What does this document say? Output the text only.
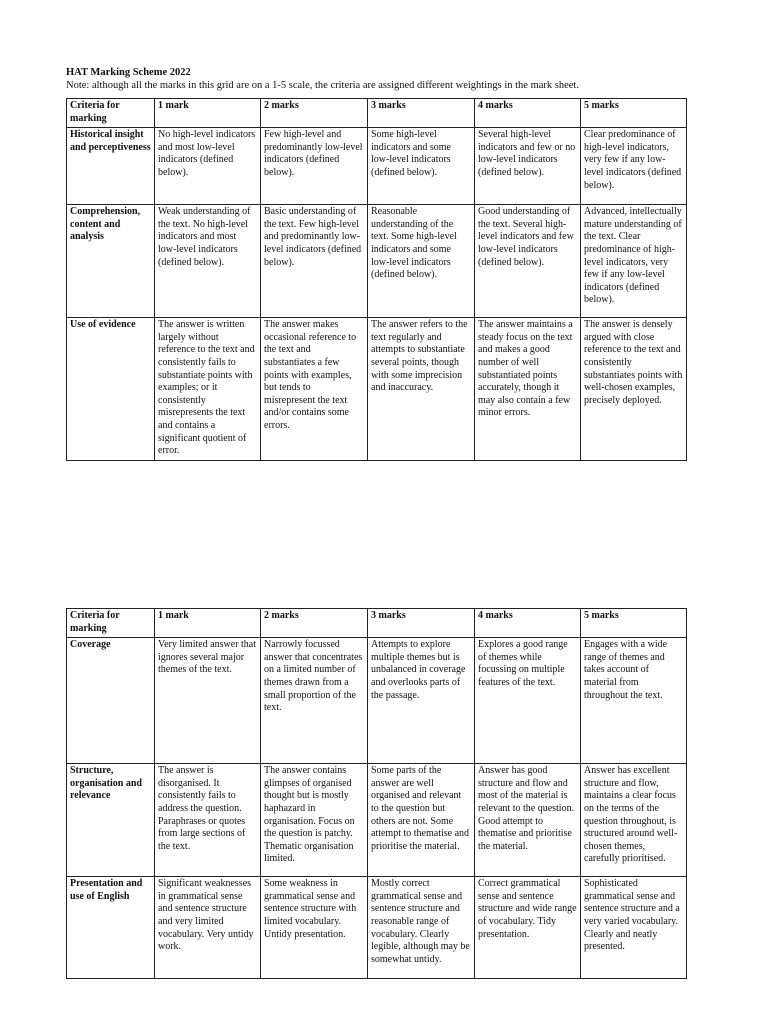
HAT Marking Scheme 2022
Note: although all the marks in this grid are on a 1-5 scale, the criteria are assigned different weightings in the mark sheet.
Criteria for marking	1 mark	2 marks	3 marks	4 marks	5 marks
Historical insight and perceptiveness	No high-level indicators and most low-level indicators (defined below).	Few high-level and predominantly low-level indicators (defined below).	Some high-level indicators and some low-level indicators (defined below).	Several high-level indicators and few or no low-level indicators (defined below).	Clear predominance of high-level indicators, very few if any low-level indicators (defined below).
Comprehension, content and analysis	Weak understanding of the text. No high-level indicators and most low-level indicators (defined below).	Basic understanding of the text. Few high-level and predominantly low-level indicators (defined below).	Reasonable understanding of the text. Some high-level indicators and some low-level indicators (defined below).	Good understanding of the text. Several high-level indicators and few low-level indicators (defined below).	Advanced, intellectually mature understanding of the text. Clear predominance of high-level indicators, very few if any low-level indicators (defined below).
Use of evidence	The answer is written largely without reference to the text and consistently fails to substantiate points with examples; or it consistently misrepresents the text and contains a significant quotient of error.	The answer makes occasional reference to the text and substantiates a few points with examples, but tends to misrepresent the text and/or contains some errors.	The answer refers to the text regularly and attempts to substantiate several points, though with some imprecision and inaccuracy.	The answer maintains a steady focus on the text and makes a good number of well substantiated points accurately, though it may also contain a few minor errors.	The answer is densely argued with close reference to the text and consistently substantiates points with well-chosen examples, precisely deployed.
Criteria for marking	1 mark	2 marks	3 marks	4 marks	5 marks
Coverage	Very limited answer that ignores several major themes of the text.	Narrowly focussed answer that concentrates on a limited number of themes drawn from a small proportion of the text.	Attempts to explore multiple themes but is unbalanced in coverage and overlooks parts of the passage.	Explores a good range of themes while focussing on multiple features of the text.	Engages with a wide range of themes and takes account of material from throughout the text.
Structure, organisation and relevance	The answer is disorganised. It consistently fails to address the question. Paraphrases or quotes from large sections of the text.	The answer contains glimpses of organised thought but is mostly haphazard in organisation. Focus on the question is patchy. Thematic organisation limited.	Some parts of the answer are well organised and relevant to the question but others are not. Some attempt to thematise and prioritise the material.	Answer has good structure and flow and most of the material is relevant to the question. Good attempt to thematise and prioritise the material.	Answer has excellent structure and flow, maintains a clear focus on the terms of the question throughout, is structured around well-chosen themes, carefully prioritised.
Presentation and use of English	Significant weaknesses in grammatical sense and sentence structure and very limited vocabulary. Very untidy work.	Some weakness in grammatical sense and sentence structure with limited vocabulary. Untidy presentation.	Mostly correct grammatical sense and sentence structure and reasonable range of vocabulary. Clearly legible, although may be somewhat untidy.	Correct grammatical sense and sentence structure and wide range of vocabulary. Tidy presentation.	Sophisticated grammatical sense and sentence structure and a very varied vocabulary. Clearly and neatly presented.
